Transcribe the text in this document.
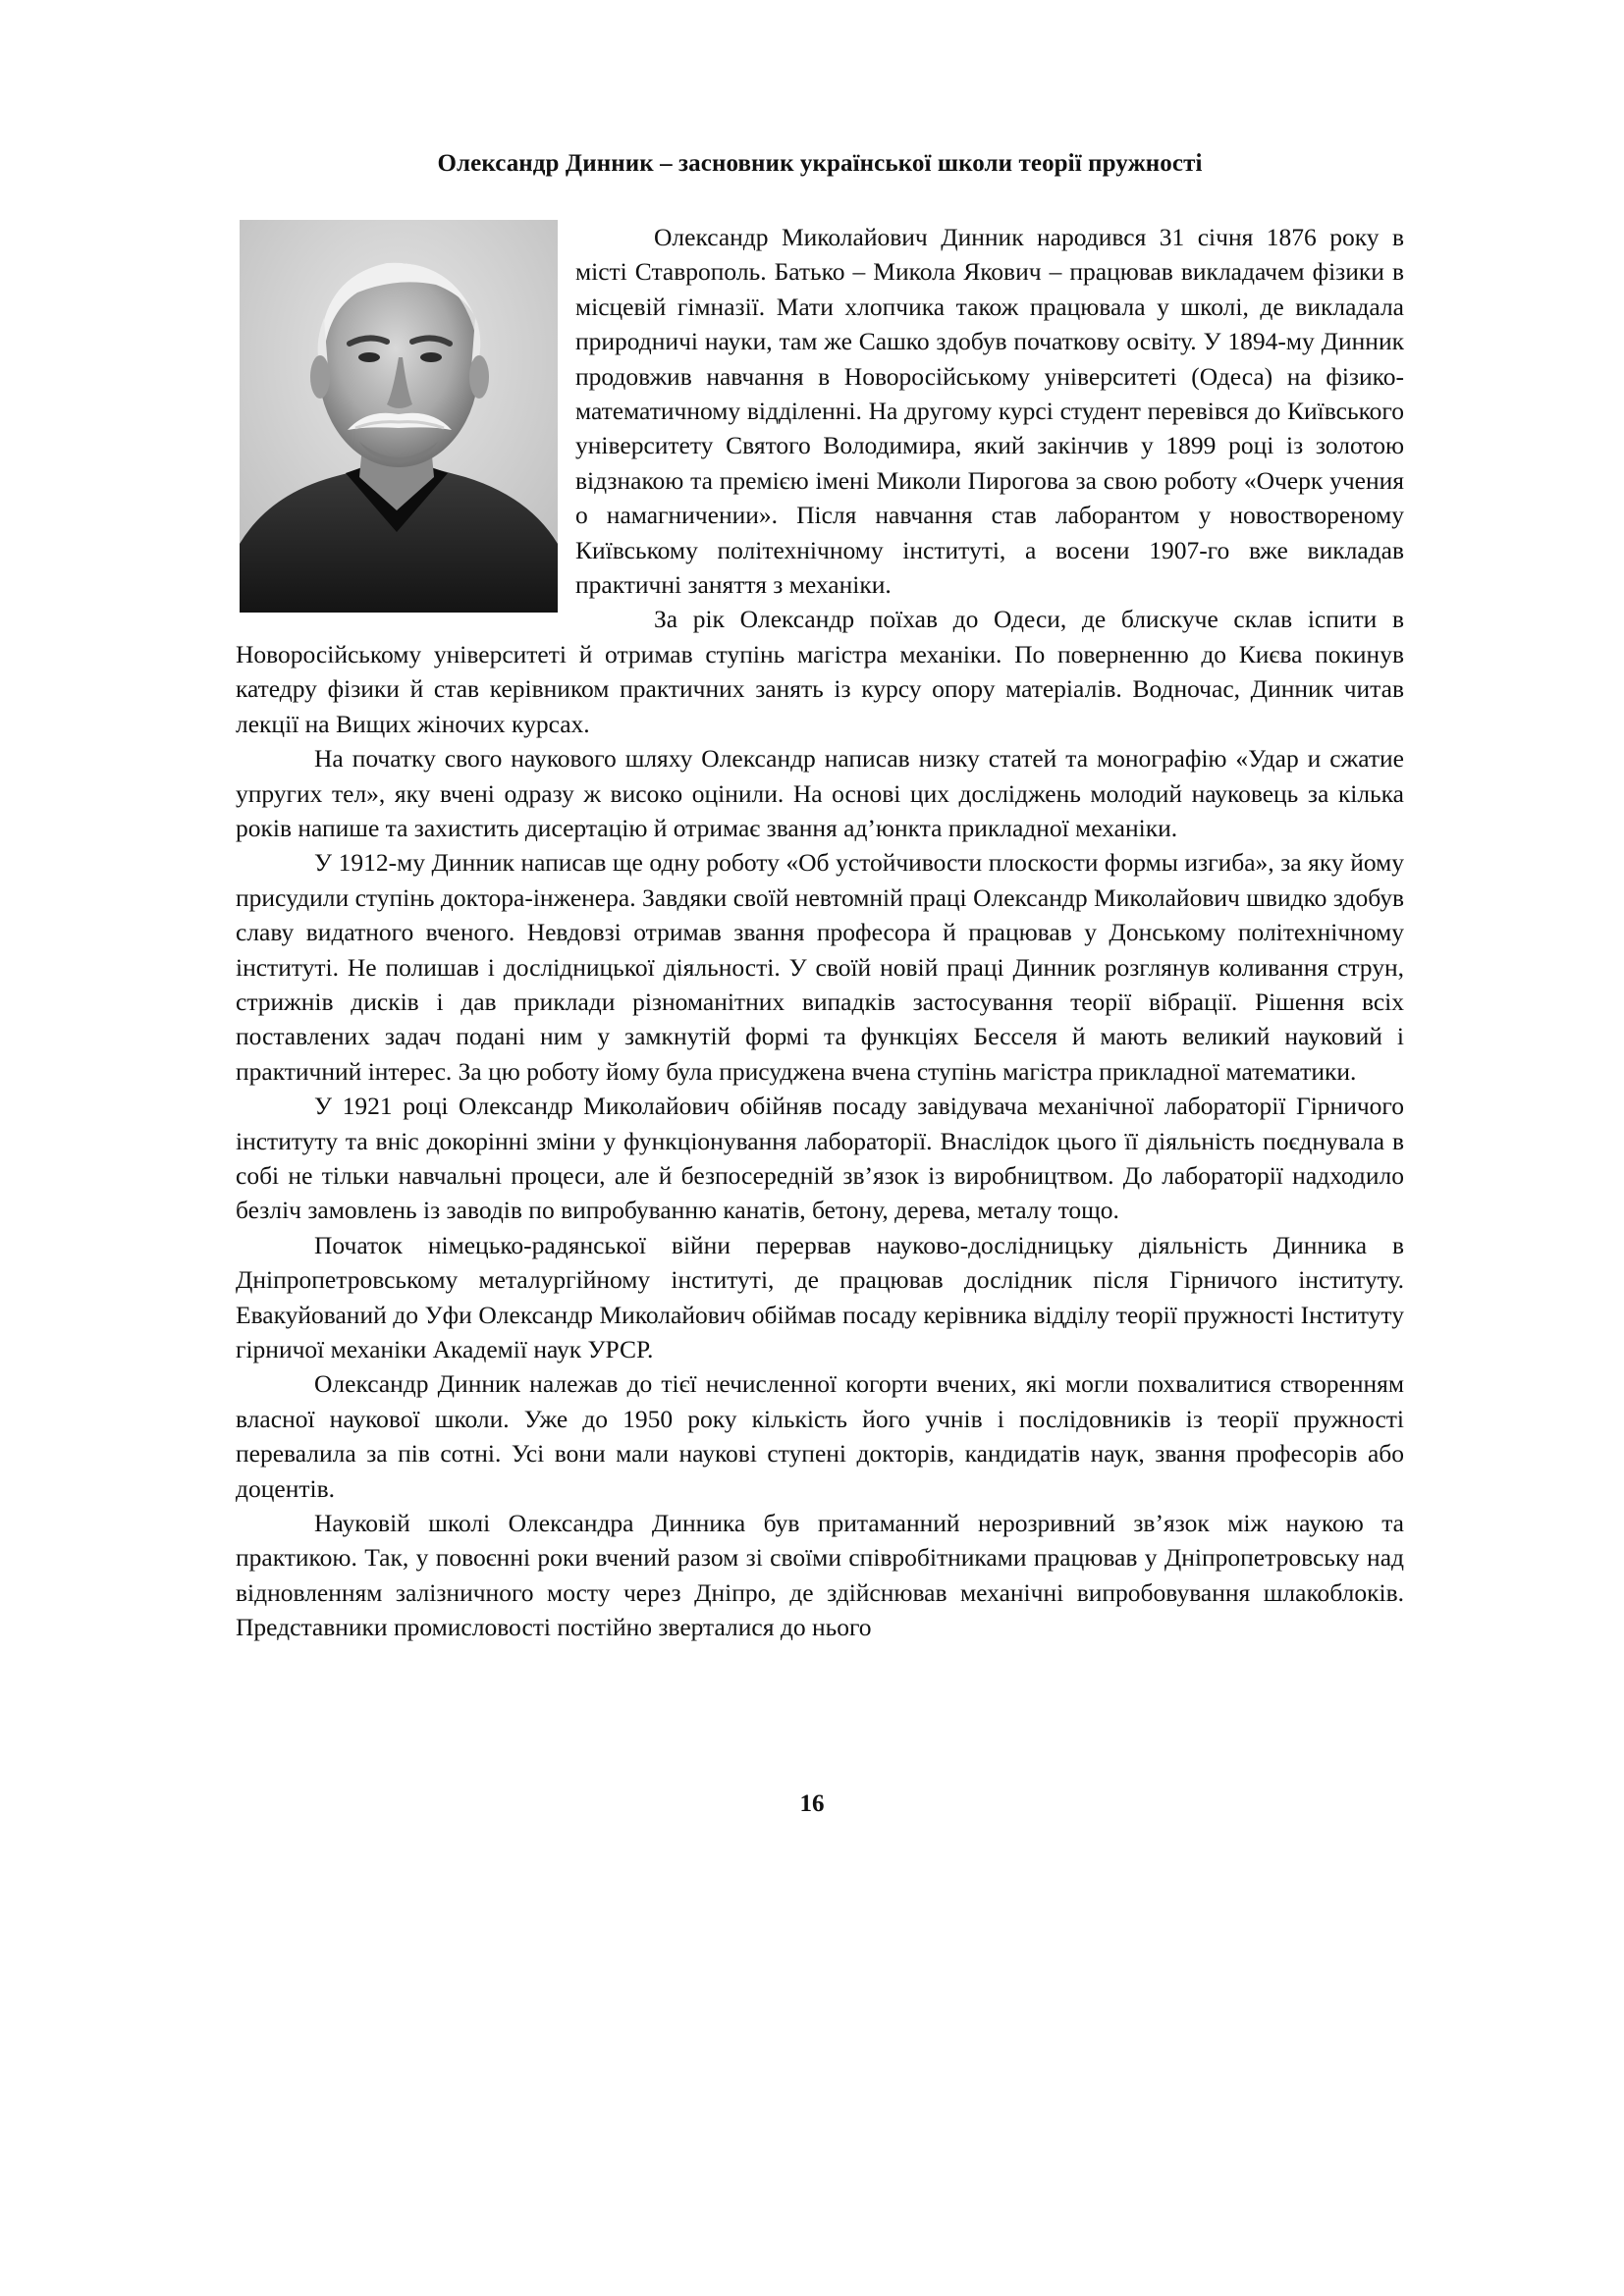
Олександр Динник – засновник української школи теорії пружності

Олександр Миколайович Динник народився 31 січня 1876 року в місті Ставрополь. Батько – Микола Якович – працював викладачем фізики в місцевій гімназії. Мати хлопчика також працювала у школі, де викладала природничі науки, там же Сашко здобув початкову освіту. У 1894-му Динник продовжив навчання в Новоросійському університеті (Одеса) на фізико-математичному відділенні. На другому курсі студент перевівся до Київського університету Святого Володимира, який закінчив у 1899 році із золотою відзнакою та премією імені Миколи Пирогова за свою роботу «Очерк учения о намагничении». Після навчання став лаборантом у новоствореному Київському політехнічному інституті, а восени 1907-го вже викладав практичні заняття з механіки.

За рік Олександр поїхав до Одеси, де блискуче склав іспити в Новоросійському університеті й отримав ступінь магістра механіки. По поверненню до Києва покинув катедру фізики й став керівником практичних занять із курсу опору матеріалів. Водночас, Динник читав лекції на Вищих жіночих курсах.

На початку свого наукового шляху Олександр написав низку статей та монографію «Удар и сжатие упругих тел», яку вчені одразу ж високо оцінили. На основі цих досліджень молодий науковець за кілька років напише та захистить дисертацію й отримає звання ад’юнкта прикладної механіки.

У 1912-му Динник написав ще одну роботу «Об устойчивости плоскости формы изгиба», за яку йому присудили ступінь доктора-інженера. Завдяки своїй невтомній праці Олександр Миколайович швидко здобув славу видатного вченого. Невдовзі отримав звання професора й працював у Донському політехнічному інституті. Не полишав і дослідницької діяльності. У своїй новій праці Динник розглянув коливання струн, стрижнів дисків і дав приклади різноманітних випадків застосування теорії вібрації. Рішення всіх поставлених задач подані ним у замкнутій формі та функціях Бесселя й мають великий науковий і практичний інтерес. За цю роботу йому була присуджена вчена ступінь магістра прикладної математики.

У 1921 році Олександр Миколайович обійняв посаду завідувача механічної лабораторії Гірничого інституту та вніс докорінні зміни у функціонування лабораторії. Внаслідок цього її діяльність поєднувала в собі не тільки навчальні процеси, але й безпосередній зв’язок із виробництвом. До лабораторії надходило безліч замовлень із заводів по випробуванню канатів, бетону, дерева, металу тощо.

Початок німецько-радянської війни перервав науково-дослідницьку діяльність Динника в Дніпропетровському металургійному інституті, де працював дослідник після Гірничого інституту. Евакуйований до Уфи Олександр Миколайович обіймав посаду керівника відділу теорії пружності Інституту гірничої механіки Академії наук УРСР.

Олександр Динник належав до тієї нечисленної когорти вчених, які могли похвалитися створенням власної наукової школи. Уже до 1950 року кількість його учнів і послідовників із теорії пружності перевалила за пів сотні. Усі вони мали наукові ступені докторів, кандидатів наук, звання професорів або доцентів.

Науковій школі Олександра Динника був притаманний нерозривний зв’язок між наукою та практикою. Так, у повоєнні роки вчений разом зі своїми співробітниками працював у Дніпропетровську над відновленням залізничного мосту через Дніпро, де здійснював механічні випробовування шлакоблоків. Представники промисловості постійно зверталися до нього

16
